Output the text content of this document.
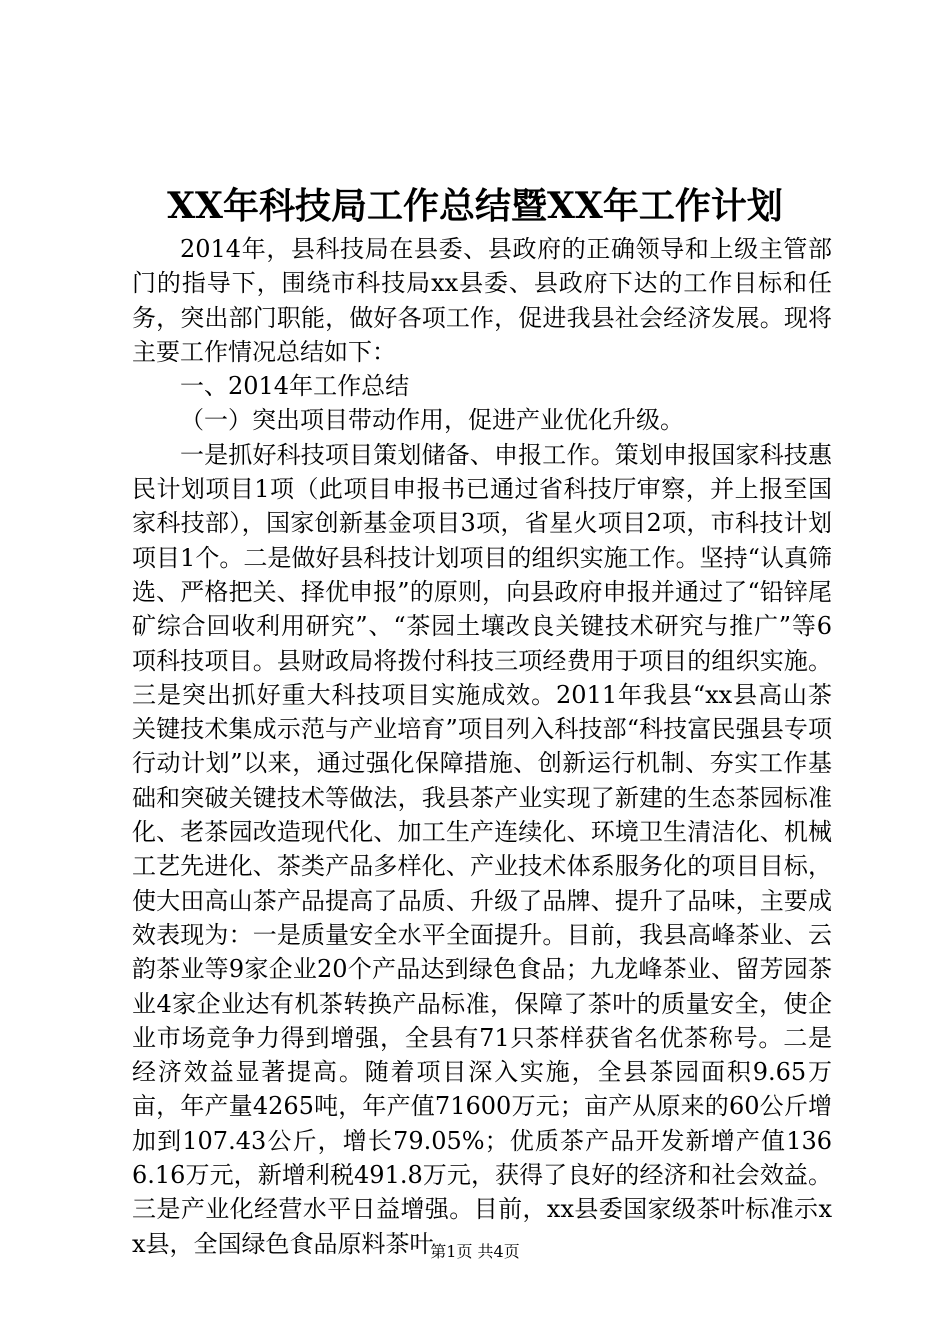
XX年科技局工作总结暨XX年工作计划

2014年，县科技局在县委、县政府的正确领导和上级主管部门的指导下，围绕市科技局xx县委、县政府下达的工作目标和任务，突出部门职能，做好各项工作，促进我县社会经济发展。现将主要工作情况总结如下：

一、2014年工作总结

（一）突出项目带动作用，促进产业优化升级。

一是抓好科技项目策划储备、申报工作。策划申报国家科技惠民计划项目1项（此项目申报书已通过省科技厅审察，并上报至国家科技部），国家创新基金项目3项，省星火项目2项，市科技计划项目1个。二是做好县科技计划项目的组织实施工作。坚持“认真筛选、严格把关、择优申报”的原则，向县政府申报并通过了“铅锌尾矿综合回收利用研究”、“茶园土壤改良关键技术研究与推广”等6项科技项目。县财政局将拨付科技三项经费用于项目的组织实施。三是突出抓好重大科技项目实施成效。2011年我县“xx县高山茶关键技术集成示范与产业培育”项目列入科技部“科技富民强县专项行动计划”以来，通过强化保障措施、创新运行机制、夯实工作基础和突破关键技术等做法，我县茶产业实现了新建的生态茶园标准化、老茶园改造现代化、加工生产连续化、环境卫生清洁化、机械工艺先进化、茶类产品多样化、产业技术体系服务化的项目目标，使大田高山茶产品提高了品质、升级了品牌、提升了品味，主要成效表现为：一是质量安全水平全面提升。目前，我县高峰茶业、云韵茶业等9家企业20个产品达到绿色食品；九龙峰茶业、留芳园茶业4家企业达有机茶转换产品标准，保障了茶叶的质量安全，使企业市场竞争力得到增强，全县有71只茶样获省名优茶称号。二是经济效益显著提高。随着项目深入实施，全县茶园面积9.65万亩，年产量4265吨，年产值71600万元；亩产从原来的60公斤增加到107.43公斤，增长79.05%；优质茶产品开发新增产值1366.16万元，新增利税491.8万元，获得了良好的经济和社会效益。三是产业化经营水平日益增强。目前，xx县委国家级茶叶标准示xx县，全国绿色食品原料茶叶

第1页 共4页
